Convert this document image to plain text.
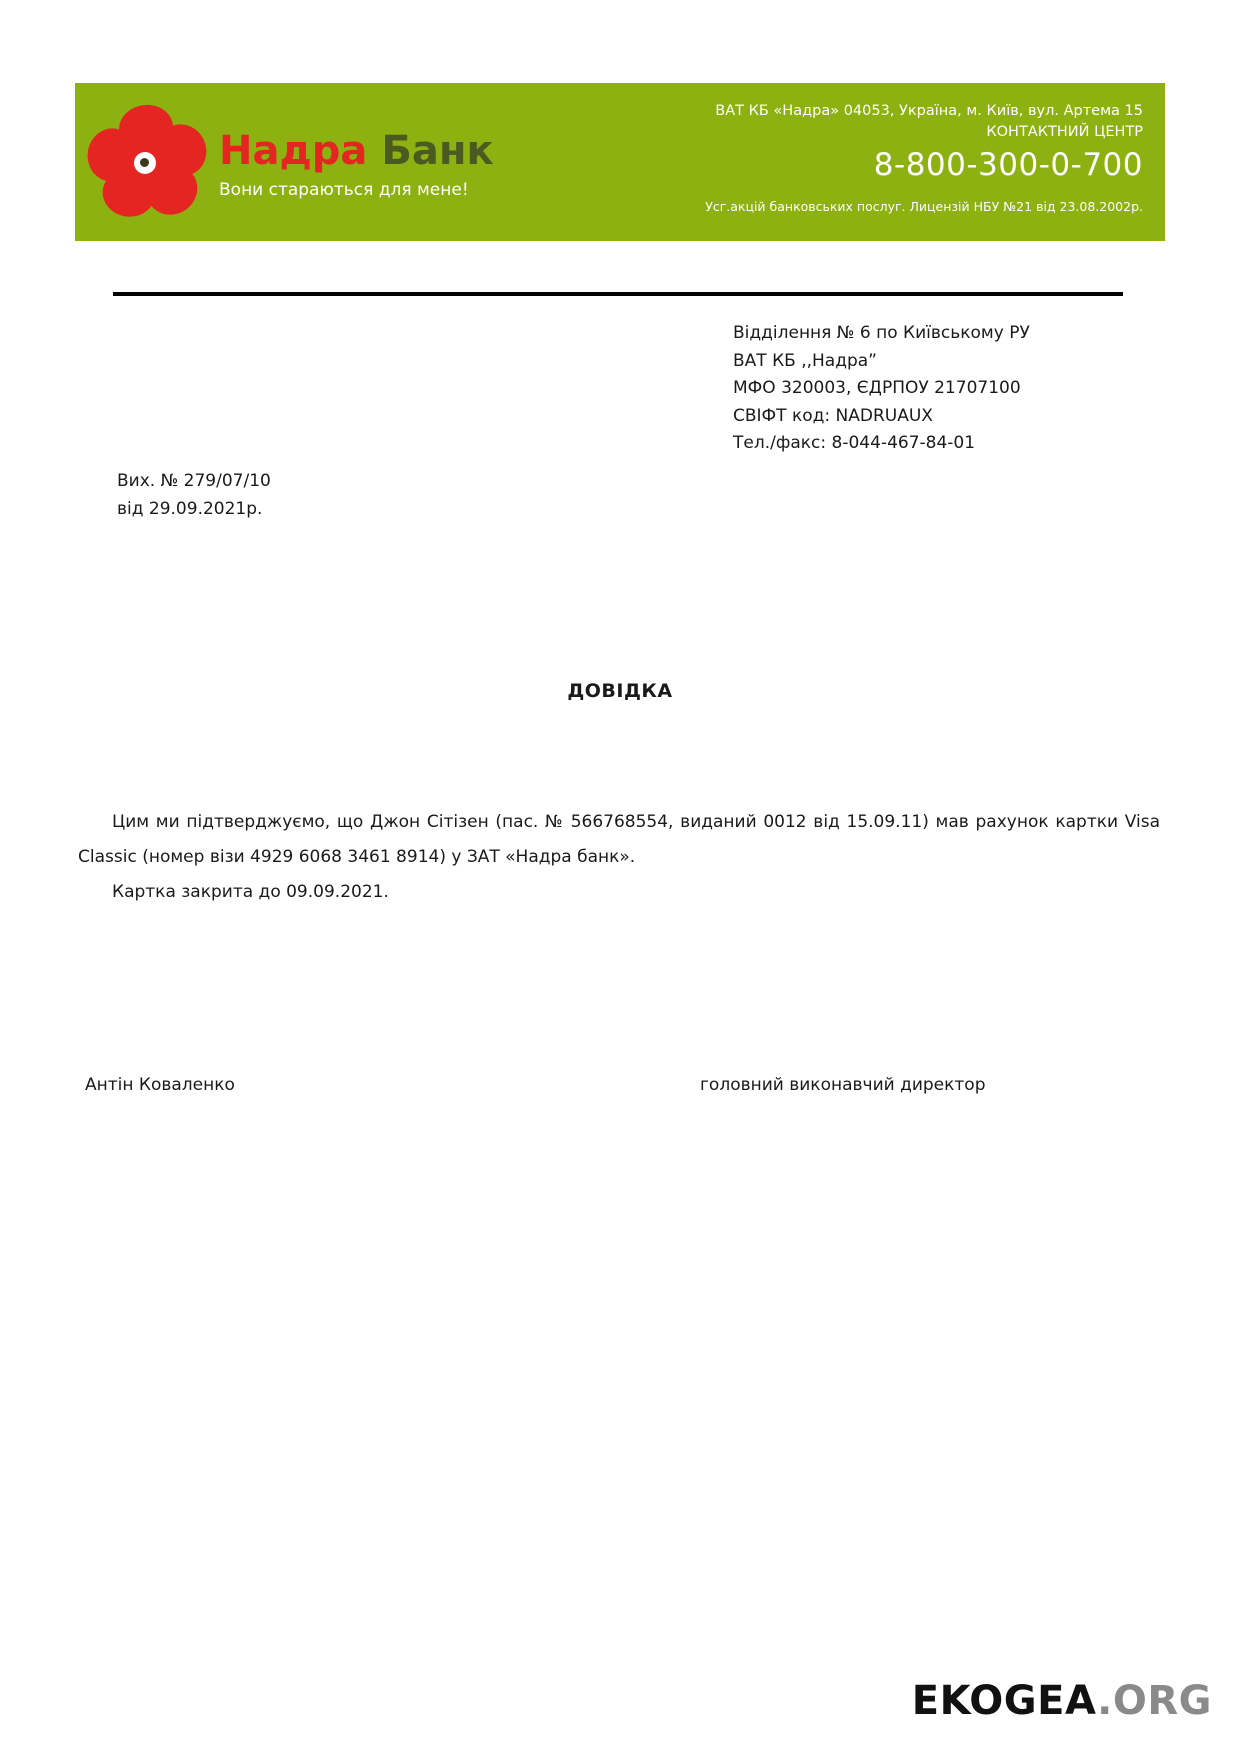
Надра Банк
Вони стараються для мене!
ВАТ КБ «Надра» 04053, Україна, м. Київ, вул. Артема 15
КОНТАКТНИЙ ЦЕНТР
8-800-300-0-700
Усг.акцій банковських послуг. Лицензій НБУ №21 від 23.08.2002р.
Відділення № 6 по Київському РУ
ВАТ КБ ,,Надра”
МФО 320003, ЄДРПОУ 21707100
СВІФТ код: NADRUAUX
Тел./факс: 8-044-467-84-01
Вих. № 279/07/10
від 29.09.2021р.
ДОВІДКА

Цим ми підтверджуємо, що Джон Сітізен (пас. № 566768554, виданий 0012 від 15.09.11) мав рахунок картки Visa Classic (номер візи 4929 6068 3461 8914) у ЗАТ «Надра банк».

Картка закрита до 09.09.2021.

Антін Коваленко	головний виконавчий директор
EKOGEA.ORG
